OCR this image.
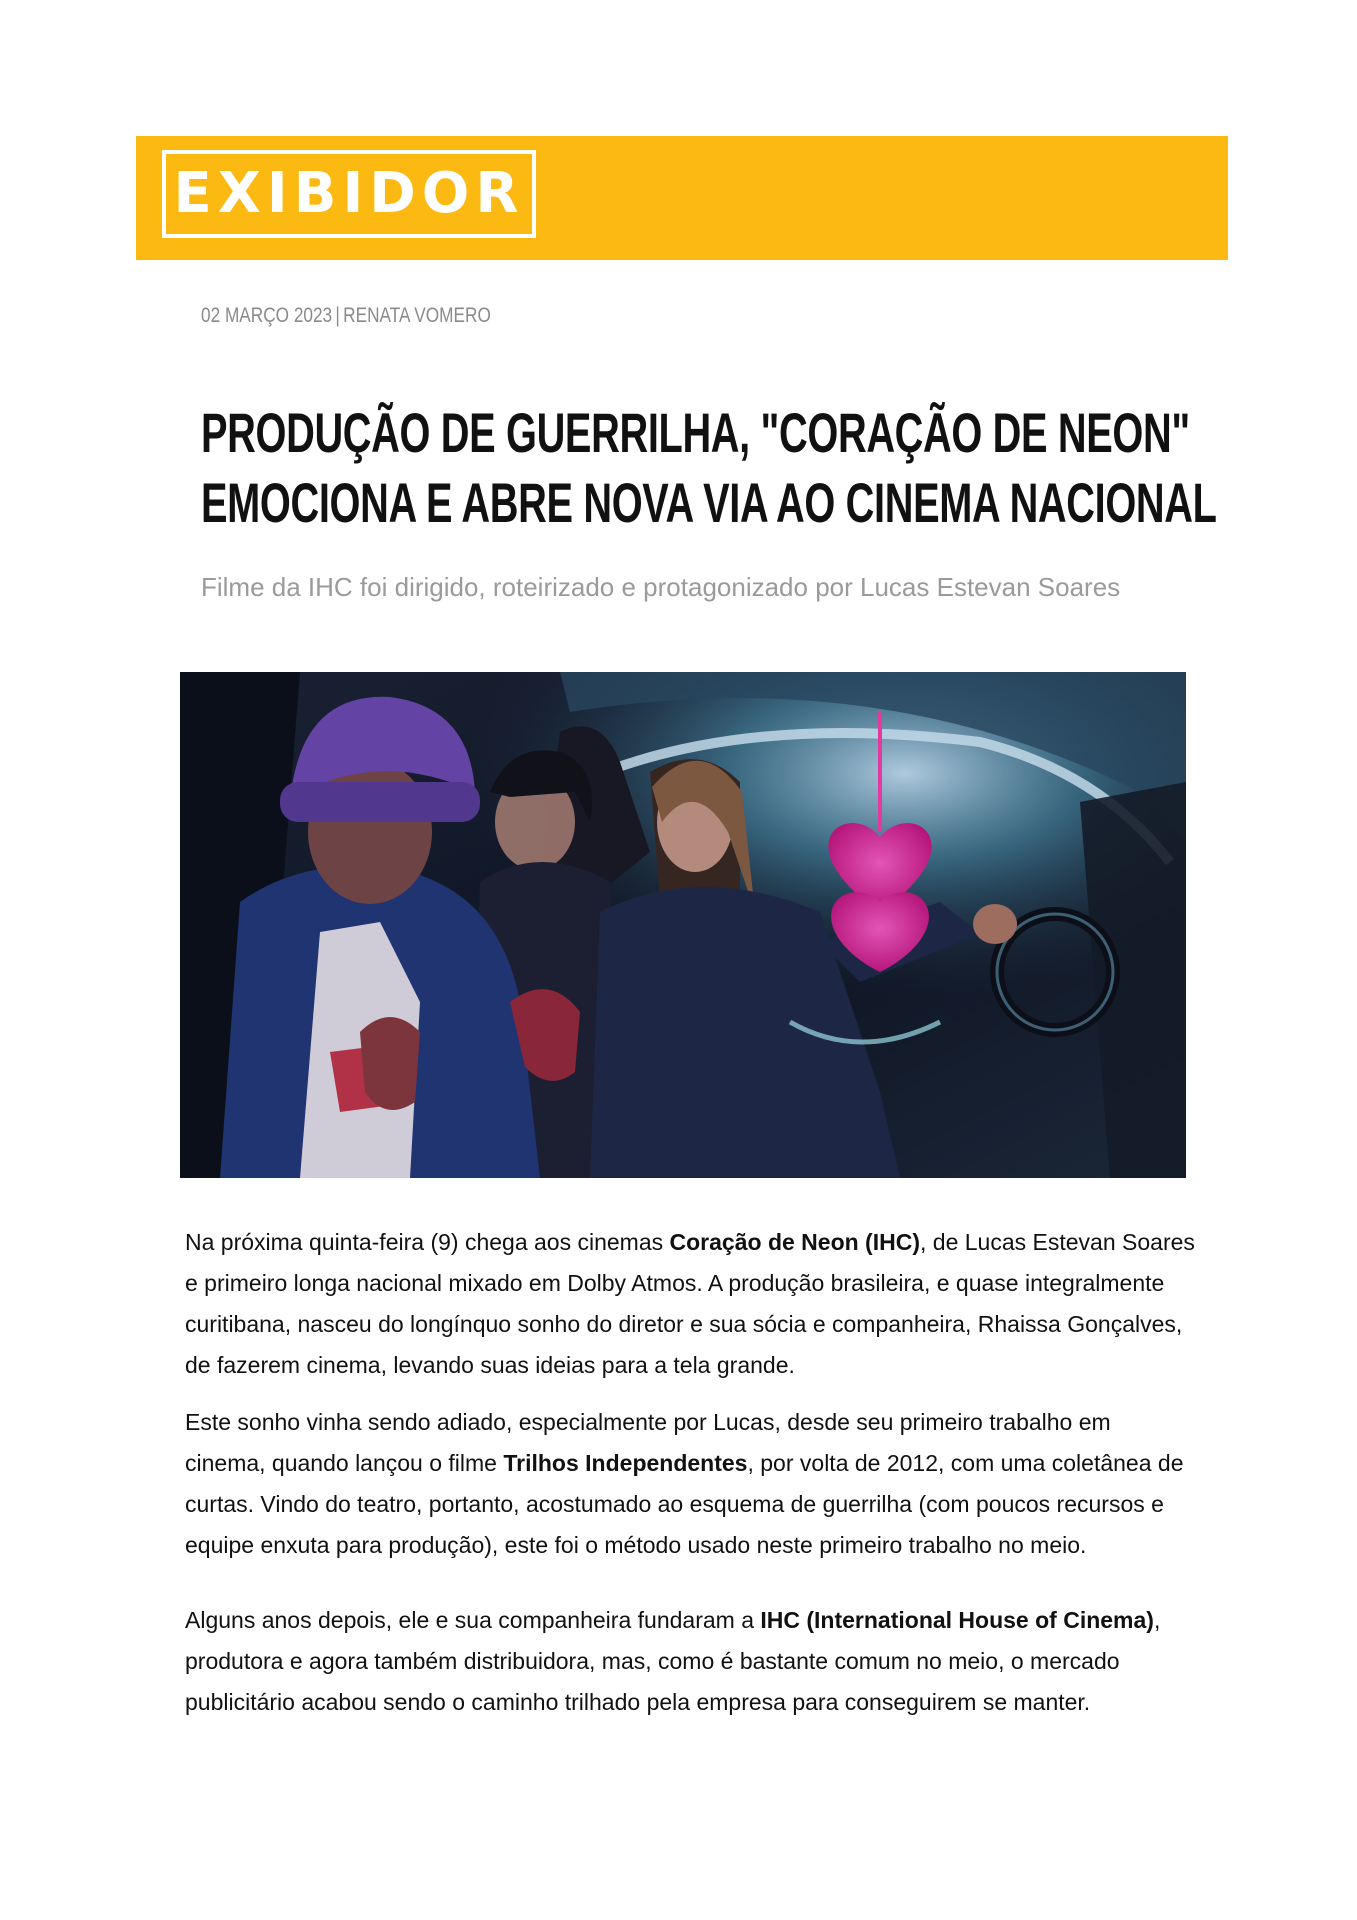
EXIBIDOR
02 MARÇO 2023 | RENATA VOMERO
PRODUÇÃO DE GUERRILHA, "CORAÇÃO DE NEON"
EMOCIONA E ABRE NOVA VIA AO CINEMA NACIONAL

Filme da IHC foi dirigido, roteirizado e protagonizado por Lucas Estevan Soares

Na próxima quinta-feira (9) chega aos cinemas Coração de Neon (IHC), de Lucas Estevan Soares e primeiro longa nacional mixado em Dolby Atmos. A produção brasileira, e quase integralmente curitibana, nasceu do longínquo sonho do diretor e sua sócia e companheira, Rhaissa Gonçalves, de fazerem cinema, levando suas ideias para a tela grande.

Este sonho vinha sendo adiado, especialmente por Lucas, desde seu primeiro trabalho em cinema, quando lançou o filme Trilhos Independentes, por volta de 2012, com uma coletânea de curtas. Vindo do teatro, portanto, acostumado ao esquema de guerrilha (com poucos recursos e equipe enxuta para produção), este foi o método usado neste primeiro trabalho no meio.

Alguns anos depois, ele e sua companheira fundaram a IHC (International House of Cinema), produtora e agora também distribuidora, mas, como é bastante comum no meio, o mercado publicitário acabou sendo o caminho trilhado pela empresa para conseguirem se manter.
